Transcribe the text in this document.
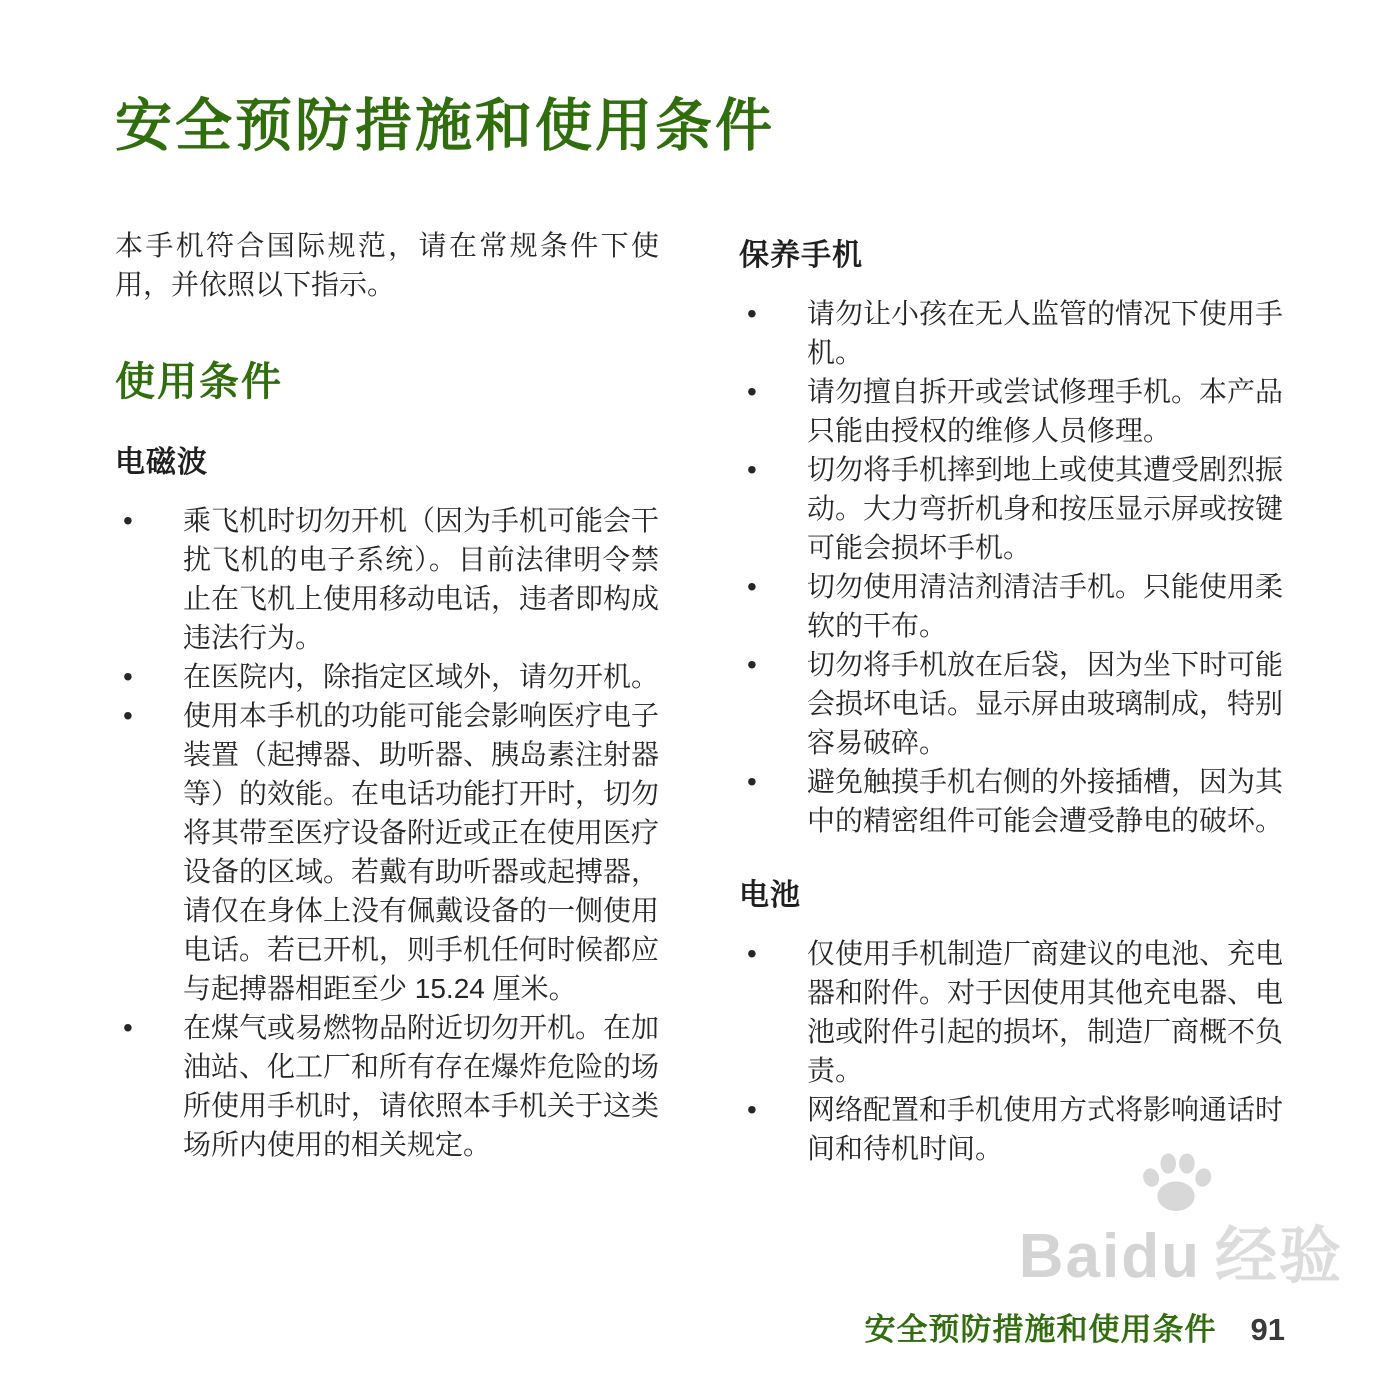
安全预防措施和使用条件

本手机符合国际规范，请在常规条件下使用，并依照以下指示。

使用条件
电磁波
•	乘飞机时切勿开机（因为手机可能会干扰飞机的电子系统）。目前法律明令禁止在飞机上使用移动电话，违者即构成违法行为。
•	在医院内，除指定区域外，请勿开机。
•	使用本手机的功能可能会影响医疗电子装置（起搏器、助听器、胰岛素注射器等）的效能。在电话功能打开时，切勿将其带至医疗设备附近或正在使用医疗设备的区域。若戴有助听器或起搏器，请仅在身体上没有佩戴设备的一侧使用电话。若已开机，则手机任何时候都应与起搏器相距至少 15.24 厘米。
•	在煤气或易燃物品附近切勿开机。在加油站、化工厂和所有存在爆炸危险的场所使用手机时，请依照本手机关于这类场所内使用的相关规定。
保养手机
•	请勿让小孩在无人监管的情况下使用手机。
•	请勿擅自拆开或尝试修理手机。本产品只能由授权的维修人员修理。
•	切勿将手机摔到地上或使其遭受剧烈振动。大力弯折机身和按压显示屏或按键可能会损坏手机。
•	切勿使用清洁剂清洁手机。只能使用柔软的干布。
•	切勿将手机放在后袋，因为坐下时可能会损坏电话。显示屏由玻璃制成，特别容易破碎。
•	避免触摸手机右侧的外接插槽，因为其中的精密组件可能会遭受静电的破坏。
电池
•	仅使用手机制造厂商建议的电池、充电器和附件。对于因使用其他充电器、电池或附件引起的损坏，制造厂商概不负责。
•	网络配置和手机使用方式将影响通话时间和待机时间。
Baidu 经验
安全预防措施和使用条件 91
